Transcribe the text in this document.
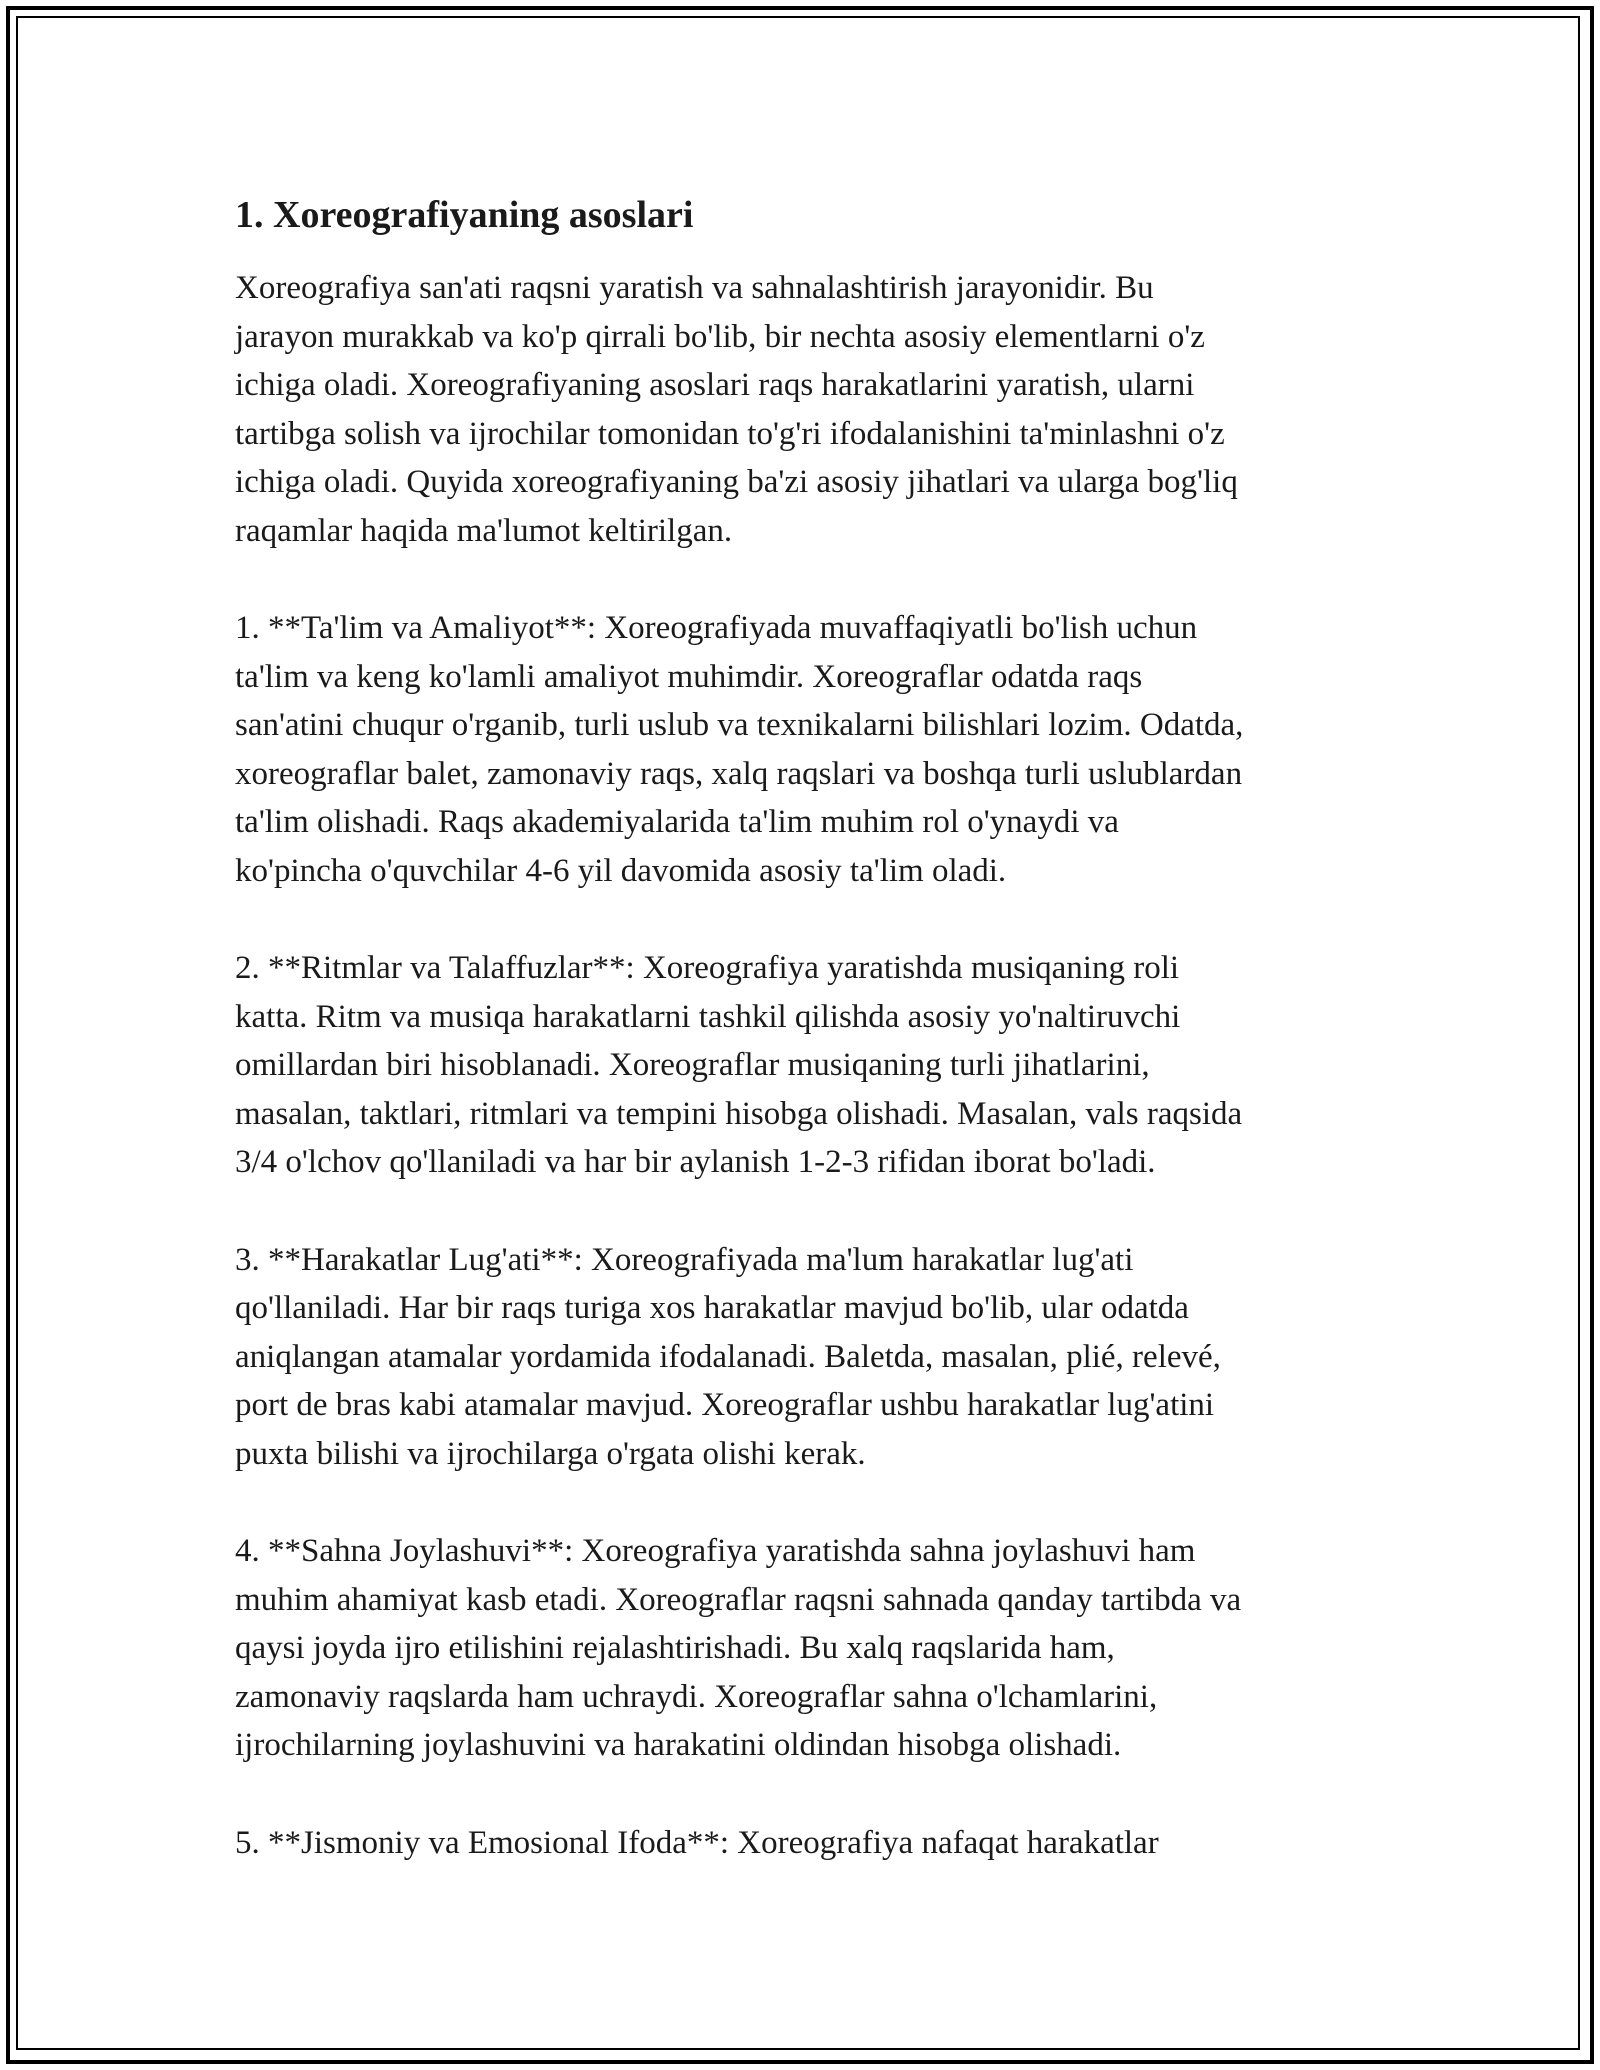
1. Xoreografiyaning asoslari

Xoreografiya san'ati raqsni yaratish va sahnalashtirish jarayonidir. Bu
jarayon murakkab va ko'p qirrali bo'lib, bir nechta asosiy elementlarni o'z
ichiga oladi. Xoreografiyaning asoslari raqs harakatlarini yaratish, ularni
tartibga solish va ijrochilar tomonidan to'g'ri ifodalanishini ta'minlashni o'z
ichiga oladi. Quyida xoreografiyaning ba'zi asosiy jihatlari va ularga bog'liq
raqamlar haqida ma'lumot keltirilgan.

1. **Ta'lim va Amaliyot**: Xoreografiyada muvaffaqiyatli bo'lish uchun
ta'lim va keng ko'lamli amaliyot muhimdir. Xoreograflar odatda raqs
san'atini chuqur o'rganib, turli uslub va texnikalarni bilishlari lozim. Odatda,
xoreograflar balet, zamonaviy raqs, xalq raqslari va boshqa turli uslublardan
ta'lim olishadi. Raqs akademiyalarida ta'lim muhim rol o'ynaydi va
ko'pincha o'quvchilar 4-6 yil davomida asosiy ta'lim oladi.

2. **Ritmlar va Talaffuzlar**: Xoreografiya yaratishda musiqaning roli
katta. Ritm va musiqa harakatlarni tashkil qilishda asosiy yo'naltiruvchi
omillardan biri hisoblanadi. Xoreograflar musiqaning turli jihatlarini,
masalan, taktlari, ritmlari va tempini hisobga olishadi. Masalan, vals raqsida
3/4 o'lchov qo'llaniladi va har bir aylanish 1-2-3 rifidan iborat bo'ladi.

3. **Harakatlar Lug'ati**: Xoreografiyada ma'lum harakatlar lug'ati
qo'llaniladi. Har bir raqs turiga xos harakatlar mavjud bo'lib, ular odatda
aniqlangan atamalar yordamida ifodalanadi. Baletda, masalan, plié, relevé,
port de bras kabi atamalar mavjud. Xoreograflar ushbu harakatlar lug'atini
puxta bilishi va ijrochilarga o'rgata olishi kerak.

4. **Sahna Joylashuvi**: Xoreografiya yaratishda sahna joylashuvi ham
muhim ahamiyat kasb etadi. Xoreograflar raqsni sahnada qanday tartibda va
qaysi joyda ijro etilishini rejalashtirishadi. Bu xalq raqslarida ham,
zamonaviy raqslarda ham uchraydi. Xoreograflar sahna o'lchamlarini,
ijrochilarning joylashuvini va harakatini oldindan hisobga olishadi.

5. **Jismoniy va Emosional Ifoda**: Xoreografiya nafaqat harakatlar
